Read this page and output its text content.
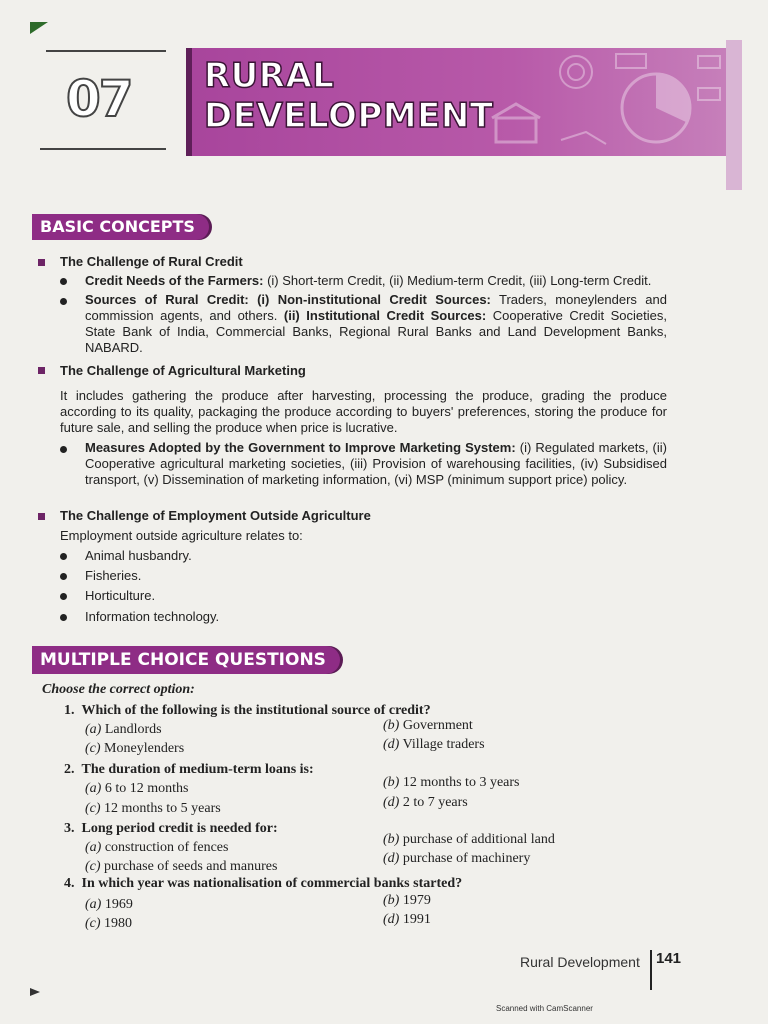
07 RURAL
DEVELOPMENT
BASIC CONCEPTS
The Challenge of Rural Credit
Credit Needs of the Farmers: (i) Short-term Credit, (ii) Medium-term Credit, (iii) Long-term Credit.
Sources of Rural Credit: (i) Non-institutional Credit Sources: Traders, moneylenders and commission agents, and others. (ii) Institutional Credit Sources: Cooperative Credit Societies, State Bank of India, Commercial Banks, Regional Rural Banks and Land Development Banks, NABARD.
The Challenge of Agricultural Marketing
It includes gathering the produce after harvesting, processing the produce, grading the produce according to its quality, packaging the produce according to buyers' preferences, storing the produce for future sale, and selling the produce when price is lucrative.
Measures Adopted by the Government to Improve Marketing System: (i) Regulated markets, (ii) Cooperative agricultural marketing societies, (iii) Provision of warehousing facilities, (iv) Subsidised transport, (v) Dissemination of marketing information, (vi) MSP (minimum support price) policy.
The Challenge of Employment Outside Agriculture
Employment outside agriculture relates to:
Animal husbandry.
Fisheries.
Horticulture.
Information technology.
MULTIPLE CHOICE QUESTIONS
Choose the correct option:
1. Which of the following is the institutional source of credit?
(a) Landlords	(b) Government
(c) Moneylenders	(d) Village traders
2. The duration of medium-term loans is:
(a) 6 to 12 months	(b) 12 months to 3 years
(c) 12 months to 5 years	(d) 2 to 7 years
3. Long period credit is needed for:
(a) construction of fences
(b) purchase of additional land
(c) purchase of seeds and manures
(d) purchase of machinery
4. In which year was nationalisation of commercial banks started?
(a) 1969	(b) 1979
(c) 1980	(d) 1991
Rural Development 141
Scanned with CamScanner
